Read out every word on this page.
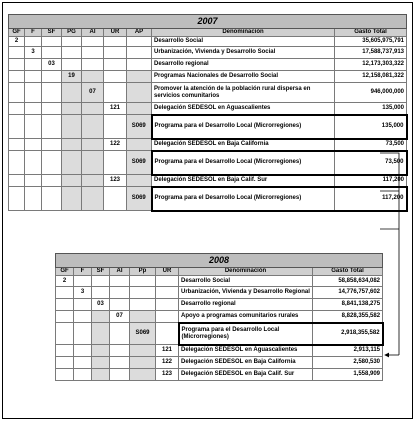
2007								
GF	F	SF	PG	AI	UR	AP	Denominación	Gasto Total
2							Desarrollo Social	35,605,975,791
	3						Urbanización, Vivienda y Desarrollo Social	17,588,737,913
		03					Desarrollo regional	12,173,303,322
			19				Programas Nacionales de Desarrollo Social	12,158,081,322
				07			Promover la atención de la población rural dispersa en servicios comunitarios	946,000,000
					121		Delegación SEDESOL en Aguascalientes	135,000
						S069	Programa para el Desarrollo Local (Microrregiones)	135,000
					122		Delegación SEDESOL en Baja California	73,500
						S069	Programa para el Desarrollo Local (Microrregiones)	73,500
					123		Delegación SEDESOL en Baja Calif. Sur	117,200
						S069	Programa para el Desarrollo Local (Microrregiones)	117,200
2008							
GF	F	SF	AI	Pp	UR	Denominación	Gasto Total
2						Desarrollo Social	58,858,634,082
	3					Urbanización, Vivienda y Desarrollo Regional	14,776,757,602
		03				Desarrollo regional	8,841,138,275
			07			Apoyo a programas comunitarios rurales	8,828,355,582
				S069		Programa para el Desarrollo Local (Microrregiones)	2,918,355,582
					121	Delegación SEDESOL en Aguascalientes	2,913,115
					122	Delegación SEDESOL en Baja California	2,580,530
					123	Delegación SEDESOL en Baja Calif. Sur	1,558,909
